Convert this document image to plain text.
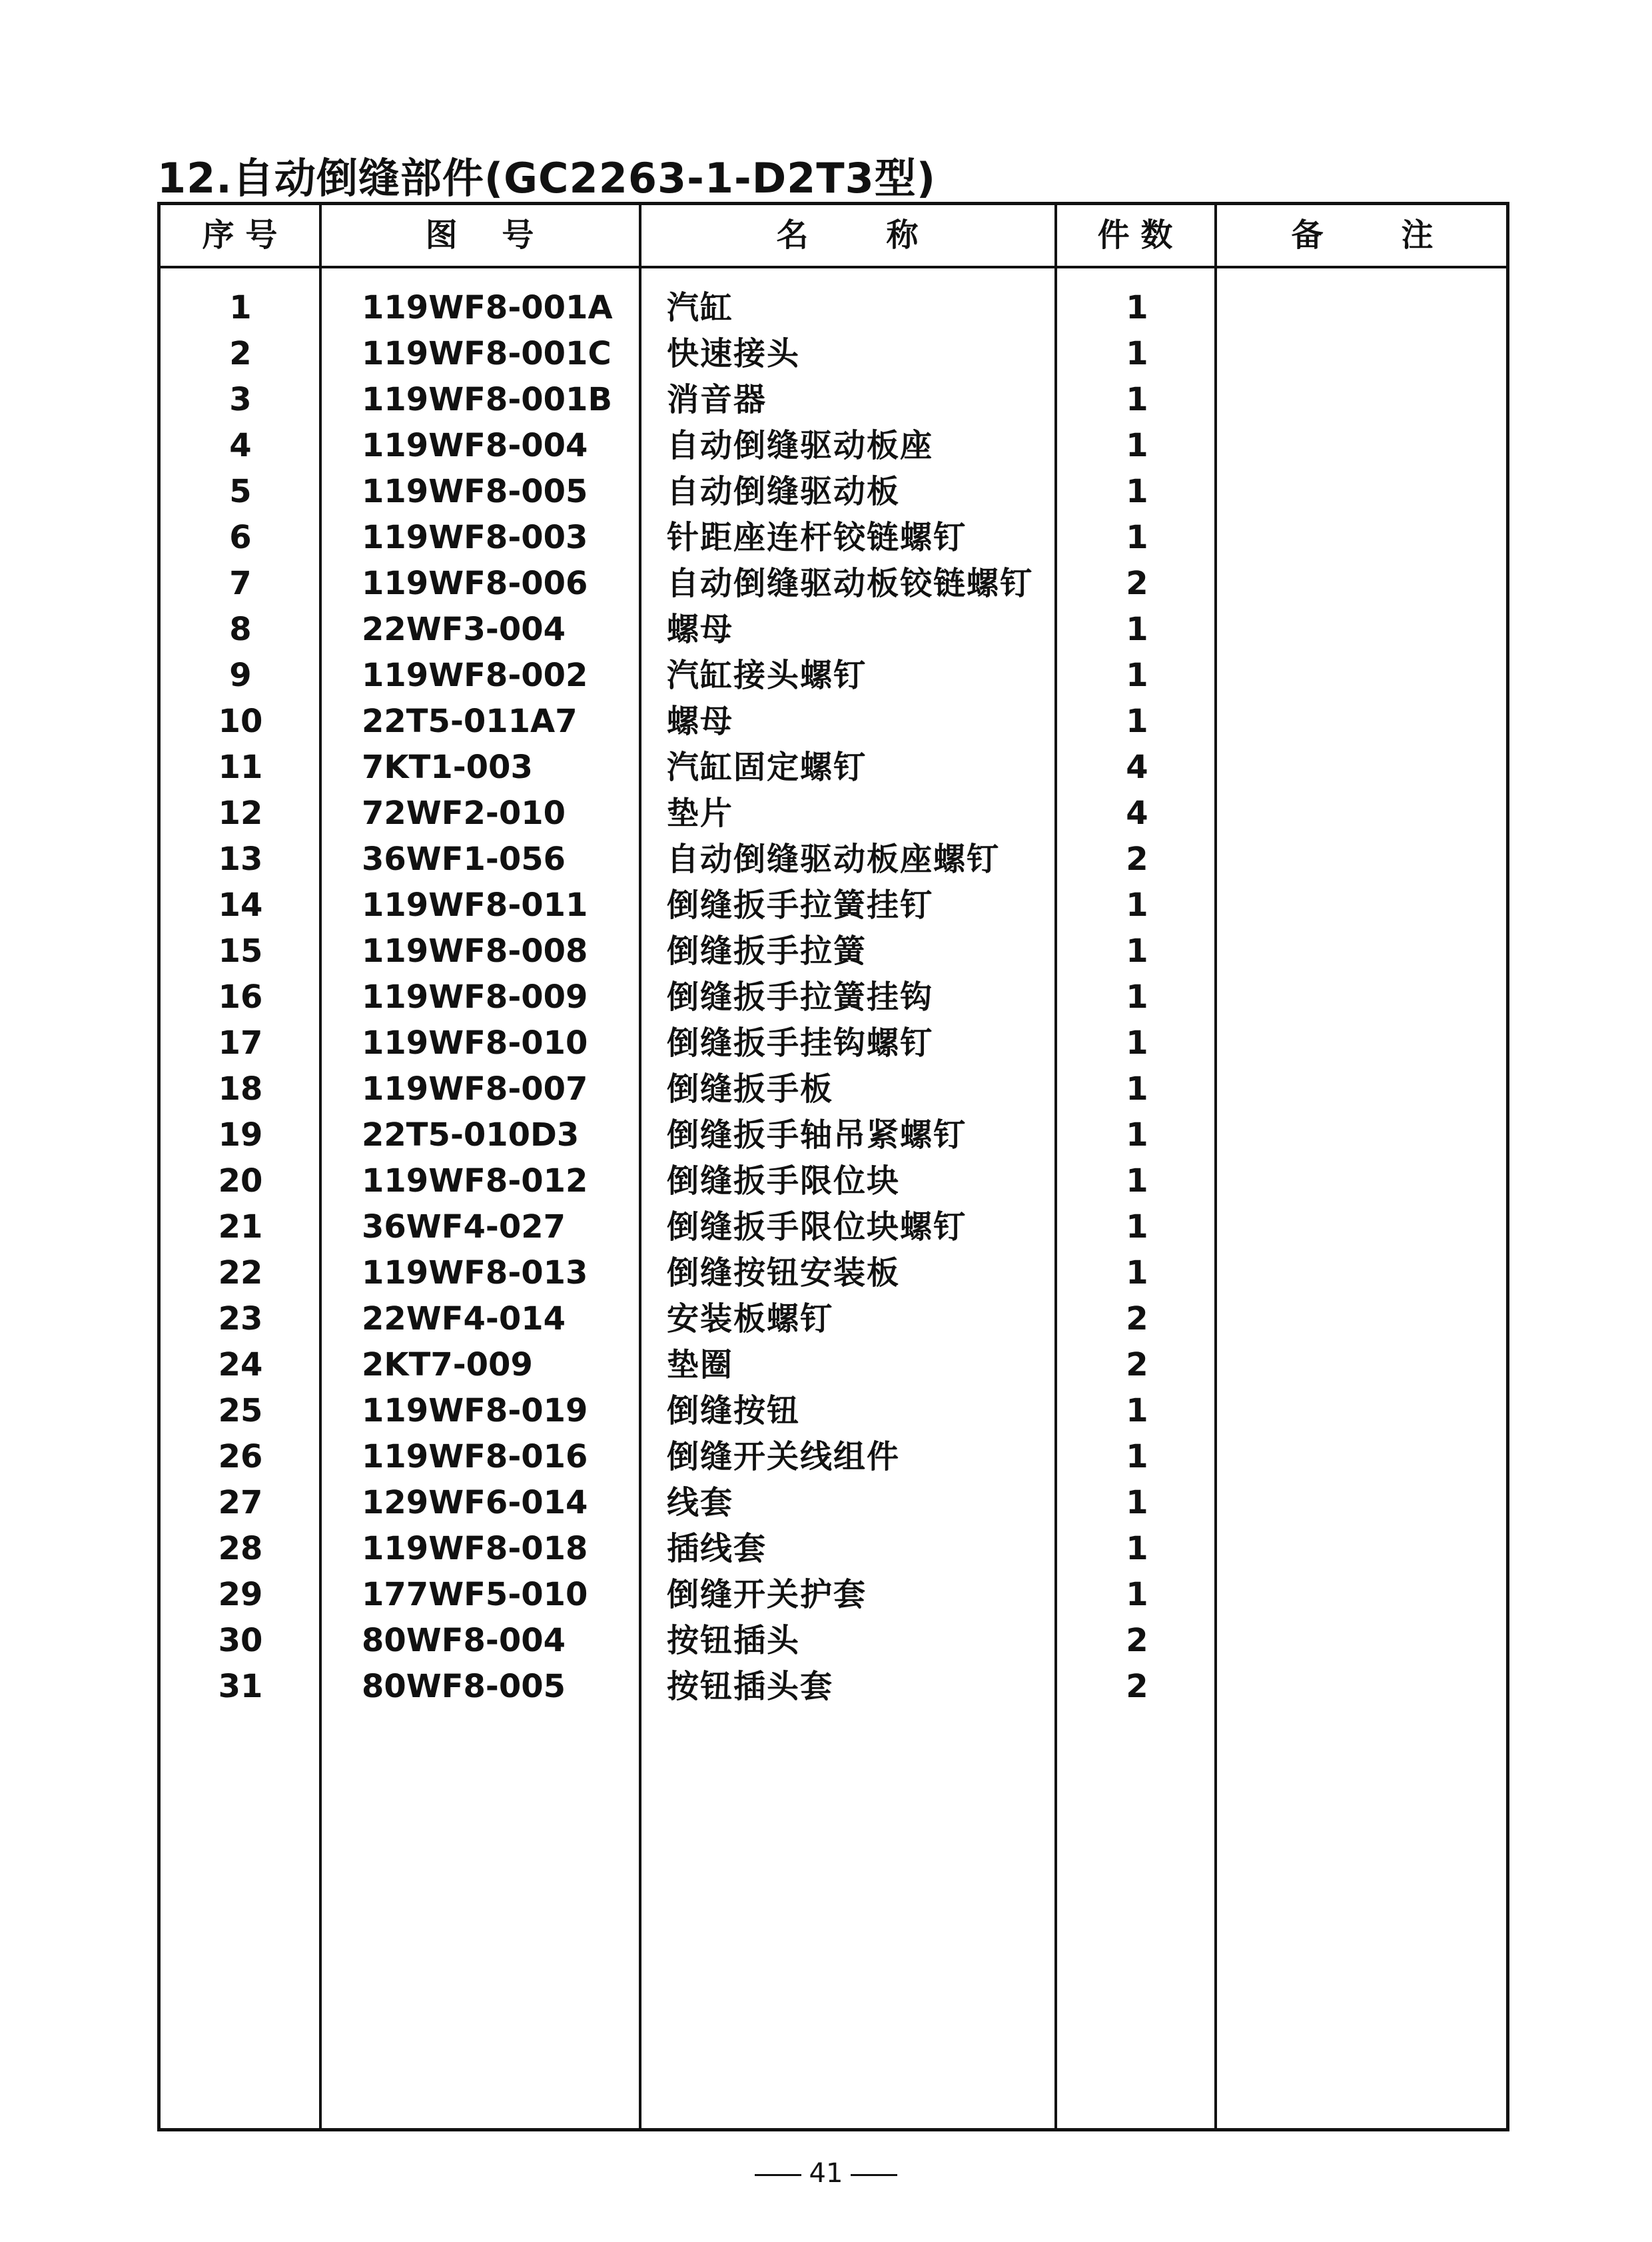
12.自动倒缝部件(GC2263-1-D2T3型)
序 号	图    号	名       称	件 数	备       注
1	119WF8-001A	汽缸	1
2	119WF8-001C	快速接头	1
3	119WF8-001B	消音器	1
4	119WF8-004	自动倒缝驱动板座	1
5	119WF8-005	自动倒缝驱动板	1
6	119WF8-003	针距座连杆铰链螺钉	1
7	119WF8-006	自动倒缝驱动板铰链螺钉	2
8	22WF3-004	螺母	1
9	119WF8-002	汽缸接头螺钉	1
10	22T5-011A7	螺母	1
11	7KT1-003	汽缸固定螺钉	4
12	72WF2-010	垫片	4
13	36WF1-056	自动倒缝驱动板座螺钉	2
14	119WF8-011	倒缝扳手拉簧挂钉	1
15	119WF8-008	倒缝扳手拉簧	1
16	119WF8-009	倒缝扳手拉簧挂钩	1
17	119WF8-010	倒缝扳手挂钩螺钉	1
18	119WF8-007	倒缝扳手板	1
19	22T5-010D3	倒缝扳手轴吊紧螺钉	1
20	119WF8-012	倒缝扳手限位块	1
21	36WF4-027	倒缝扳手限位块螺钉	1
22	119WF8-013	倒缝按钮安装板	1
23	22WF4-014	安装板螺钉	2
24	2KT7-009	垫圈	2
25	119WF8-019	倒缝按钮	1
26	119WF8-016	倒缝开关线组件	1
27	129WF6-014	线套	1
28	119WF8-018	插线套	1
29	177WF5-010	倒缝开关护套	1
30	80WF8-004	按钮插头	2
31	80WF8-005	按钮插头套	2
41
